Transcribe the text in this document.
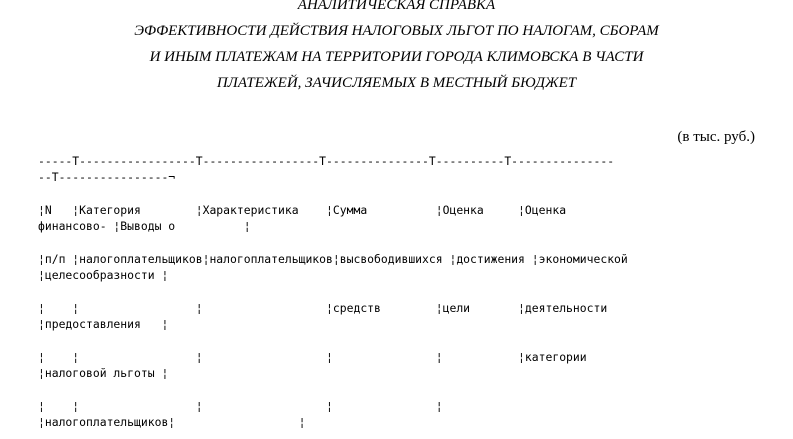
АНАЛИТИЧЕСКАЯ СПРАВКА
ЭФФЕКТИВНОСТИ ДЕЙСТВИЯ НАЛОГОВЫХ ЛЬГОТ ПО НАЛОГАМ, СБОРАМ
И ИНЫМ ПЛАТЕЖАМ НА ТЕРРИТОРИИ ГОРОДА КЛИМОВСКА В ЧАСТИ
ПЛАТЕЖЕЙ, ЗАЧИСЛЯЕМЫХ В МЕСТНЫЙ БЮДЖЕТ
(в тыс. руб.)
-----T-----------------T-----------------T---------------T----------T---------------
--T----------------¬
¦N   ¦Категория        ¦Характеристика    ¦Сумма          ¦Оценка     ¦Оценка
финансово- ¦Выводы о          ¦
¦п/п ¦налогоплательщиков¦налогоплательщиков¦высвободившихся ¦достижения ¦экономической
¦целесообразности ¦
¦    ¦                 ¦                  ¦средств        ¦цели       ¦деятельности
¦предоставления   ¦
¦    ¦                 ¦                  ¦               ¦           ¦категории
¦налоговой льготы ¦
¦    ¦                 ¦                  ¦               ¦
¦налогоплательщиков¦                  ¦
